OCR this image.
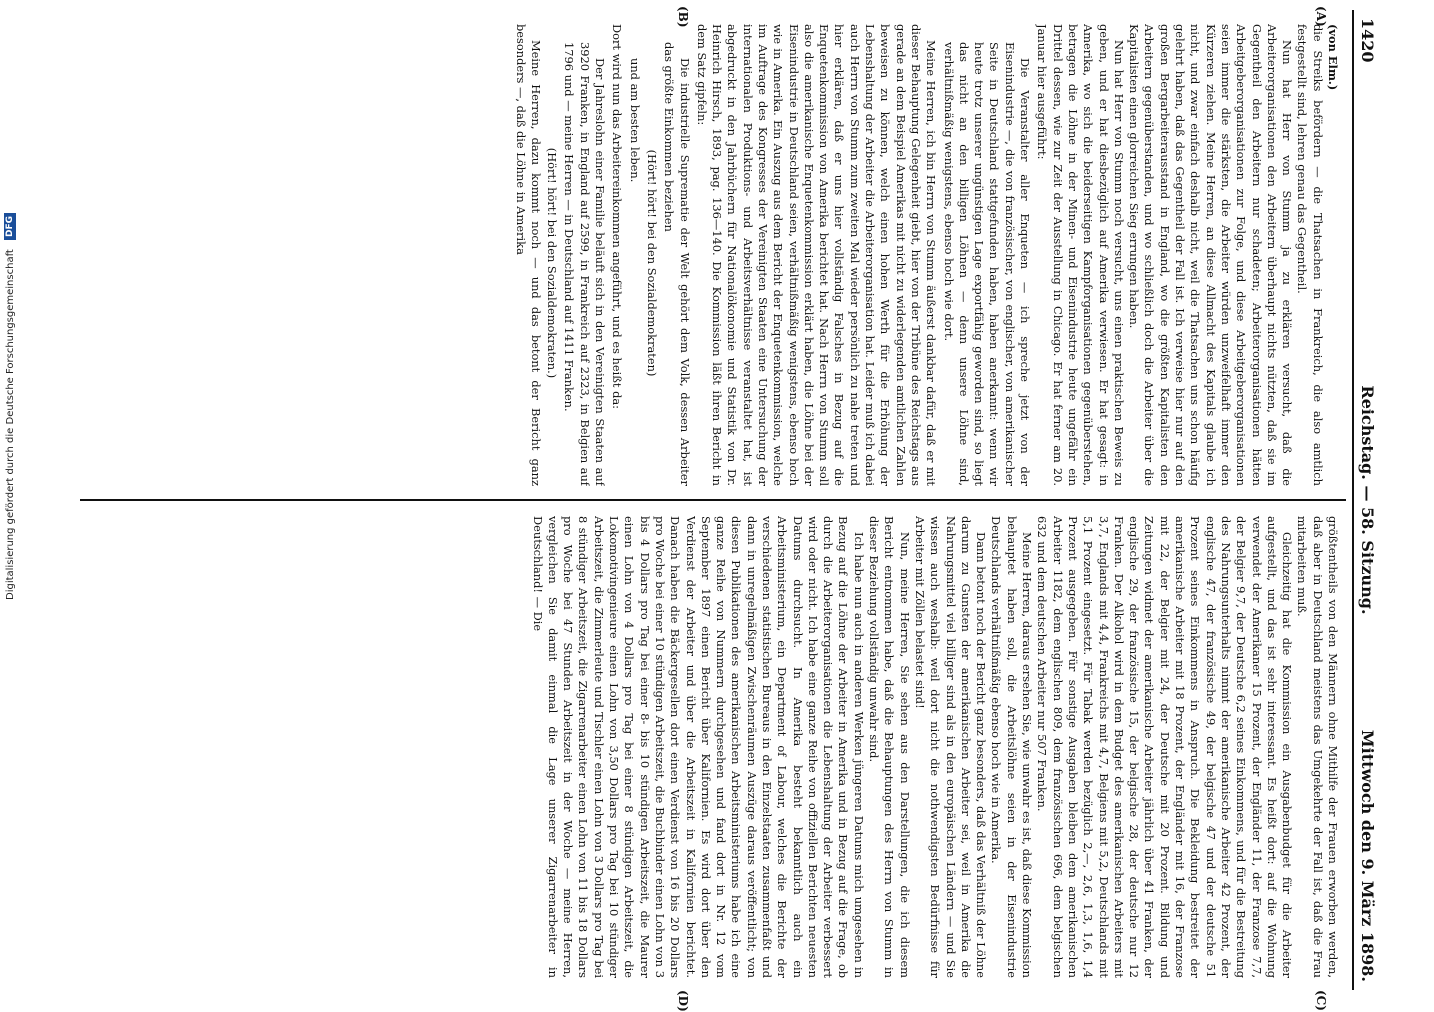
1420
Reichstag. — 58. Sitzung.
Mittwoch den 9. März 1898.
(A)
(B)
(C)
(D)

(von Elm.)

die Streiks befördern — die Thatsachen in Frankreich, die also amtlich festgestellt sind, lehren genau das Gegentheil.

Nun hat Herr von Stumm ja zu erklären versucht, daß die Arbeiterorganisationen den Arbeitern überhaupt nichts nützten, daß sie im Gegentheil den Arbeitern nur schadeten; Arbeiterorganisationen hätten Arbeitgeberorganisationen zur Folge, und diese Arbeitgeberorganisationen seien immer die stärksten, die Arbeiter würden unzweifelhaft immer den Kürzeren ziehen. Meine Herren, an diese Allmacht des Kapitals glaube ich nicht, und zwar einfach deshalb nicht, weil die Thatsachen uns schon häufig gelehrt haben, daß das Gegentheil der Fall ist. Ich verweise hier nur auf den großen Bergarbeiterausstand in England, wo die größten Kapitalisten den Arbeitern gegenüberstanden, und wo schließlich doch die Arbeiter über die Kapitalisten einen glorreichen Sieg errungen haben.

Nun hat Herr von Stumm noch versucht, uns einen praktischen Beweis zu geben, und er hat diesbezüglich auf Amerika verwiesen. Er hat gesagt: in Amerika, wo sich die beiderseitigen Kampforganisationen gegenüberstehen, betragen die Löhne in der Minen- und Eisenindustrie heute ungefähr ein Drittel dessen, wie zur Zeit der Ausstellung in Chicago. Er hat ferner am 20. Januar hier ausgeführt:

Die Veranstalter aller Enqueten — ich spreche jetzt von der Eisenindustrie —, die von französischer, von englischer, von amerikanischer Seite in Deutschland stattgefunden haben, haben anerkannt: wenn wir heute trotz unserer ungünstigen Lage exportfähig geworden sind, so liegt das nicht an den billigen Löhnen — denn unsere Löhne sind, verhältnißmäßig wenigstens, ebenso hoch wie dort.

Meine Herren, ich bin Herrn von Stumm äußerst dankbar dafür, daß er mit dieser Behauptung Gelegenheit giebt, hier von der Tribüne des Reichstags aus gerade an dem Beispiel Amerikas mit nicht zu widerlegenden amtlichen Zahlen beweisen zu können, welch einen hohen Werth für die Erhöhung der Lebenshaltung der Arbeiter die Arbeiterorganisation hat. Leider muß ich dabei auch Herrn von Stumm zum zweiten Mal wieder persönlich zu nahe treten und hier erklären, daß er uns hier vollständig Falsches in Bezug auf die Enquetenkommission von Amerika berichtet hat. Nach Herrn von Stumm soll also die amerikanische Enquetenkommission erklärt haben, die Löhne bei der Eisenindustrie in Deutschland seien, verhältnißmäßig wenigstens, ebenso hoch wie in Amerika. Ein Auszug aus dem Bericht der Enquetenkommission, welche im Auftrage des Kongresses der Vereinigten Staaten eine Untersuchung der internationalen Produktions- und Arbeitsverhältnisse veranstaltet hat, ist abgedruckt in den Jahrbüchern für Nationalökonomie und Statistik von Dr. Heinrich Hirsch, 1893, pag. 136—140. Die Kommission läßt ihren Bericht in dem Satz gipfeln:

Die industrielle Suprematie der Welt gehört dem Volk, dessen Arbeiter das größte Einkommen beziehen

(Hört! hört! bei den Sozialdemokraten)

und am besten leben.

Dort wird nun das Arbeitereinkommen angeführt, und es heißt da:

Der Jahreslohn einer Familie beläuft sich in den Vereinigten Staaten auf 3920 Franken, in England auf 2599, in Frankreich auf 2323, in Belgien auf 1796 und — meine Herren — in Deutschland auf 1411 Franken.

(Hört! hört! bei den Sozialdemokraten.)

Meine Herren, dazu kommt noch — und das betont der Bericht ganz besonders —, daß die Löhne in Amerika

größtentheils von den Männern ohne Mithilfe der Frauen erworben werden, daß aber in Deutschland meistens das Umgekehrte der Fall ist, daß die Frau mitarbeiten muß.

Gleichzeitig hat die Kommission ein Ausgabenbudget für die Arbeiter aufgestellt, und das ist sehr interessant. Es heißt dort: auf die Wohnung verwendet der Amerikaner 15 Prozent, der Engländer 11, der Franzose 7,7, der Belgier 9,7, der Deutsche 6,2 seines Einkommens, und für die Bestreitung des Nahrungsunterhalts nimmt der amerikanische Arbeiter 42 Prozent, der englische 47, der französische 49, der belgische 47 und der deutsche 51 Prozent seines Einkommens in Anspruch. Die Bekleidung bestreitet der amerikanische Arbeiter mit 18 Prozent, der Engländer mit 16, der Franzose mit 22, der Belgier mit 24, der Deutsche mit 20 Prozent. Bildung und Zeitungen widmet der amerikanische Arbeiter jährlich über 41 Franken, der englische 29, der französische 15, der belgische 28, der deutsche nur 12 Franken. Der Alkohol wird in dem Budget des amerikanischen Arbeiters mit 3,7, Englands mit 4,4, Frankreichs mit 4,7, Belgiens mit 5,2, Deutschlands mit 5,1 Prozent eingesetzt. Für Tabak werden bezüglich 2,—, 2,6, 1,3, 1,6, 1,4 Prozent ausgegeben. Für sonstige Ausgaben bleiben dem amerikanischen Arbeiter 1182, dem englischen 809, dem französischen 696, dem belgischen 632 und dem deutschen Arbeiter nur 507 Franken.

Meine Herren, daraus ersehen Sie, wie unwahr es ist, daß diese Kommission behauptet haben soll, die Arbeitslöhne seien in der Eisenindustrie Deutschlands verhältnißmäßig ebenso hoch wie in Amerika.

Dann betont noch der Bericht ganz besonders, daß das Verhältniß der Löhne darum zu Gunsten der amerikanischen Arbeiter sei, weil in Amerika die Nahrungsmittel viel billiger sind als in den europäischen Ländern — und Sie wissen auch weshalb: weil dort nicht die nothwendigsten Bedürfnisse für Arbeiter mit Zöllen belastet sind!

Nun, meine Herren, Sie sehen aus den Darstellungen, die ich diesem Bericht entnommen habe, daß die Behauptungen des Herrn von Stumm in dieser Beziehung vollständig unwahr sind.

Ich habe nun auch in anderen Werken jüngeren Datums mich umgesehen in Bezug auf die Löhne der Arbeiter in Amerika und in Bezug auf die Frage, ob durch die Arbeiterorganisationen die Lebenshaltung der Arbeiter verbessert wird oder nicht. Ich habe eine ganze Reihe von offiziellen Berichten neuesten Datums durchsucht. In Amerika besteht bekanntlich auch ein Arbeitsministerium, ein Department of Labour, welches die Berichte der verschiedenen statistischen Bureaus in den Einzelstaaten zusammenfaßt und dann in unregelmäßigen Zwischenräumen Auszüge daraus veröffentlicht; von diesen Publikationen des amerikanischen Arbeitsministeriums habe ich eine ganze Reihe von Nummern durchgesehen und fand dort in Nr. 12 vom September 1897 einen Bericht über Kalifornien. Es wird dort über den Verdienst der Arbeiter und über die Arbeitszeit in Kalifornien berichtet. Danach haben die Bäckergesellen dort einen Verdienst von 16 bis 20 Dollars pro Woche bei einer 10 stündigen Arbeitszeit, die Buchbinder einen Lohn von 3 bis 4 Dollars pro Tag bei einer 8- bis 10 stündigen Arbeitszeit, die Maurer einen Lohn von 4 Dollars pro Tag bei einer 8 stündigen Arbeitszeit, die Lokomotivingenieure einen Lohn von 3,50 Dollars pro Tag bei 10 stündiger Arbeitszeit, die Zimmerleute und Tischler einen Lohn von 3 Dollars pro Tag bei 8 stündiger Arbeitszeit, die Zigarrenarbeiter einen Lohn von 11 bis 18 Dollars pro Woche bei 47 Stunden Arbeitszeit in der Woche — meine Herren, vergleichen Sie damit einmal die Lage unserer Zigarrenarbeiter in Deutschland! — Die

Digitalisierung gefördert durch die Deutsche Forschungsgemeinschaft DFG
